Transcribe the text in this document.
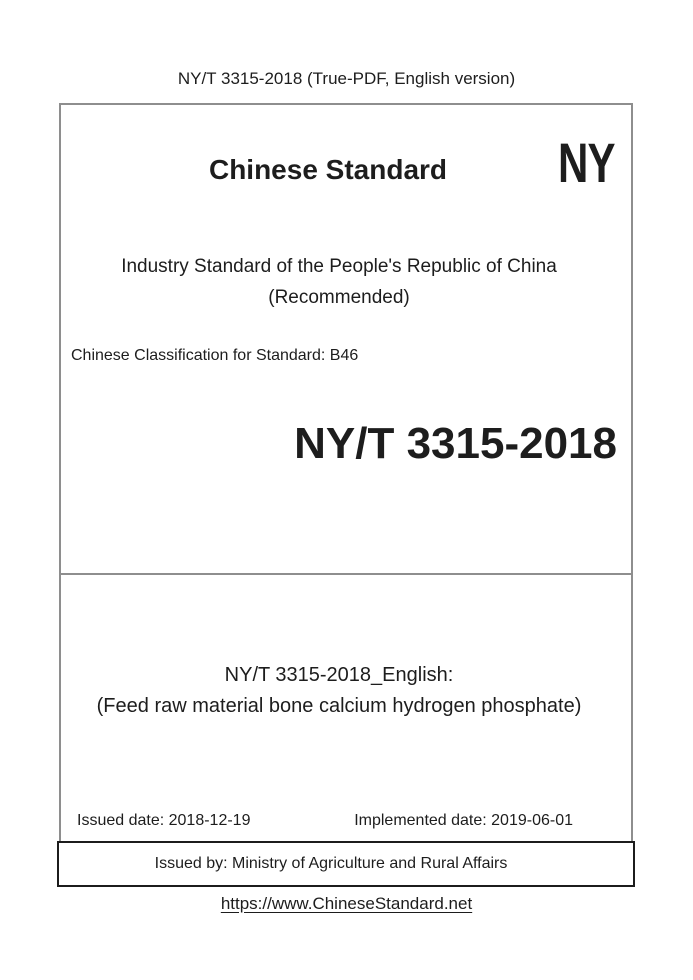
NY/T 3315-2018 (True-PDF, English version)
Chinese Standard	NY
Industry Standard of the People's Republic of China
(Recommended)
Chinese Classification for Standard: B46
NY/T 3315-2018
NY/T 3315-2018_English:
(Feed raw material bone calcium hydrogen phosphate)
Issued date: 2018-12-19	Implemented date: 2019-06-01
Issued by: Ministry of Agriculture and Rural Affairs
https://www.ChineseStandard.net
